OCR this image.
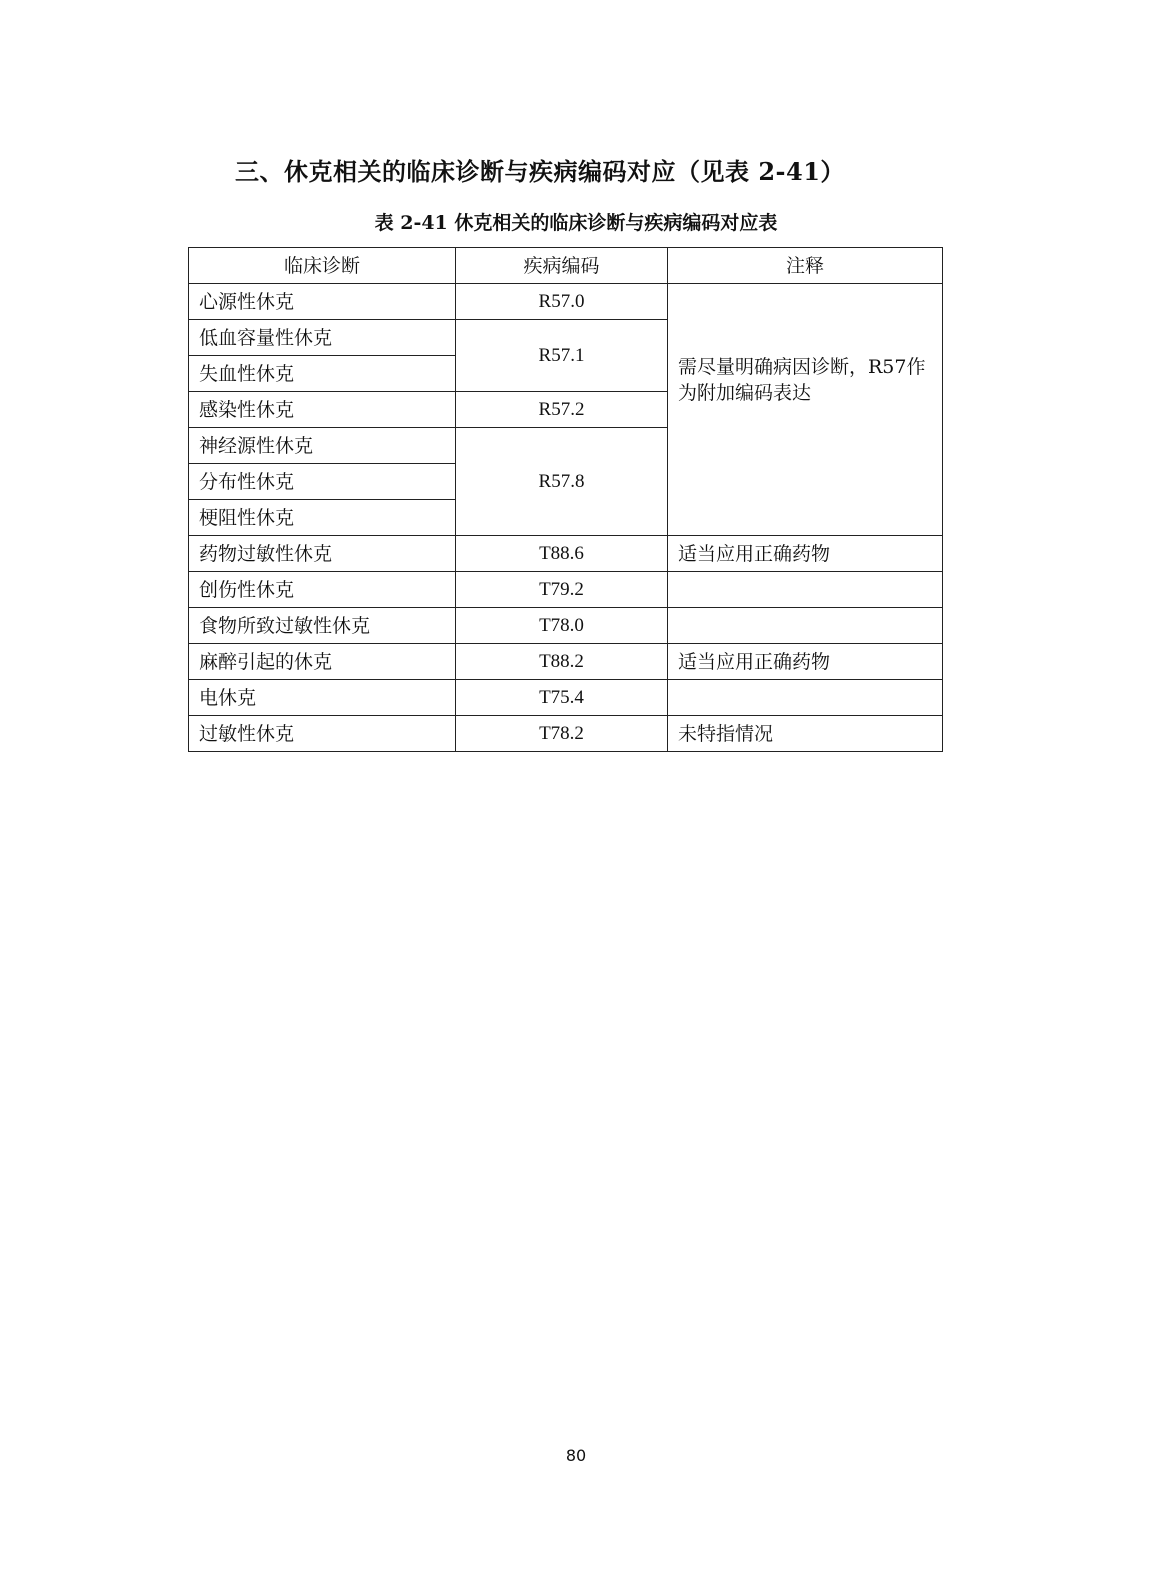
三、休克相关的临床诊断与疾病编码对应（见表 2-41）
表 2-41 休克相关的临床诊断与疾病编码对应表
临床诊断	疾病编码	注释
心源性休克	R57.0	需尽量明确病因诊断，R57作为附加编码表达
低血容量性休克	R57.1	
失血性休克		
感染性休克	R57.2	
神经源性休克	R57.8	
分布性休克		
梗阻性休克		
药物过敏性休克	T88.6	适当应用正确药物
创伤性休克	T79.2	
食物所致过敏性休克	T78.0	
麻醉引起的休克	T88.2	适当应用正确药物
电休克	T75.4	
过敏性休克	T78.2	未特指情况
80
